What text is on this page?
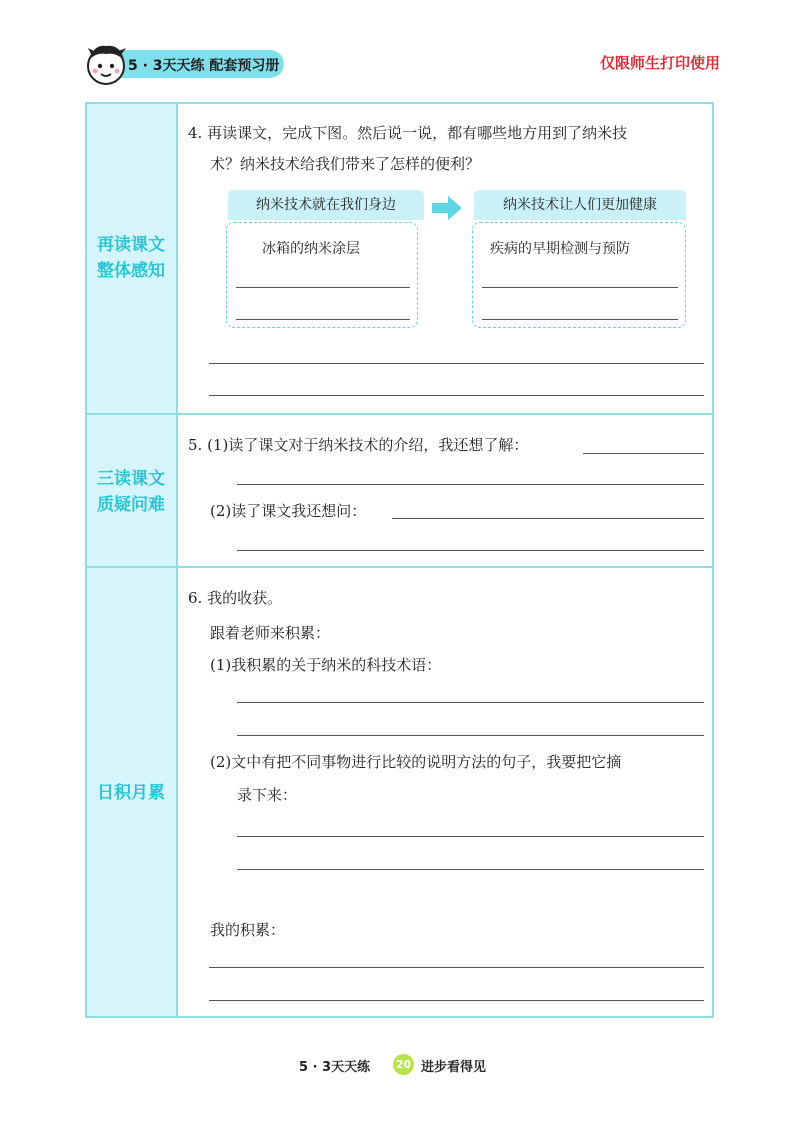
5 · 3天天练 配套预习册	仅限师生打印使用
再读课文
整体感知
三读课文
质疑问难
日积月累
4. 再读课文，完成下图。然后说一说，都有哪些地方用到了纳米技
术？纳米技术给我们带来了怎样的便利？
纳米技术就在我们身边
冰箱的纳米涂层
纳米技术让人们更加健康
疾病的早期检测与预防
5. (1)读了课文对于纳米技术的介绍，我还想了解：
(2)读了课文我还想问：
6. 我的收获。
跟着老师来积累：
(1)我积累的关于纳米的科技术语：
(2)文中有把不同事物进行比较的说明方法的句子，我要把它摘
录下来：
我的积累：
5 · 3天天练 20 进步看得见
